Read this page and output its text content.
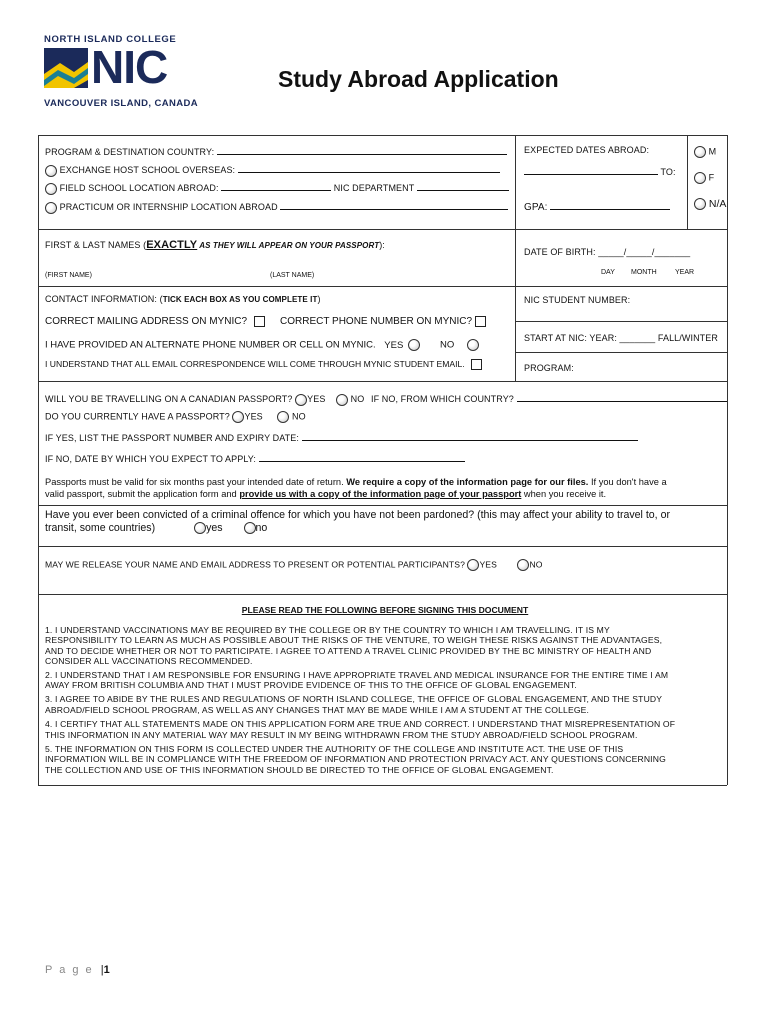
NORTH ISLAND COLLEGE
NIC
VANCOUVER ISLAND, CANADA
Study Abroad Application
PROGRAM & DESTINATION COUNTRY:
EXCHANGE HOST SCHOOL OVERSEAS:
FIELD SCHOOL LOCATION ABROAD:	NIC DEPARTMENT
PRACTICUM OR INTERNSHIP LOCATION ABROAD
EXPECTED DATES ABROAD:
TO:
GPA:
M
F
N/A
FIRST & LAST NAMES (EXACTLY AS THEY WILL APPEAR ON YOUR PASSPORT):
(FIRST NAME)	(LAST NAME)
DATE OF BIRTH: _____/_____/_______
DAY MONTH	YEAR
CONTACT INFORMATION: (TICK EACH BOX AS YOU COMPLETE IT)
CORRECT MAILING ADDRESS ON MYNIC?	CORRECT PHONE NUMBER ON MYNIC?
I HAVE PROVIDED AN ALTERNATE PHONE NUMBER OR CELL ON MYNIC. YES	NO
I UNDERSTAND THAT ALL EMAIL CORRESPONDENCE WILL COME THROUGH MYNIC STUDENT EMAIL.
NIC STUDENT NUMBER:
START AT NIC: YEAR: _______ FALL/WINTER
PROGRAM:
WILL YOU BE TRAVELLING ON A CANADIAN PASSPORT? YES	NO IF NO, FROM WHICH COUNTRY?
DO YOU CURRENTLY HAVE A PASSPORT? YES	NO
IF YES, LIST THE PASSPORT NUMBER AND EXPIRY DATE:
IF NO, DATE BY WHICH YOU EXPECT TO APPLY:
Passports must be valid for six months past your intended date of return. We require a copy of the information page for our files. If you don't have a
valid passport, submit the application form and provide us with a copy of the information page of your passport when you receive it.
Have you ever been convicted of a criminal offence for which you have not been pardoned? (this may affect your ability to travel to, or
transit, some countries)	yes	no
MAY WE RELEASE YOUR NAME AND EMAIL ADDRESS TO PRESENT OR POTENTIAL PARTICIPANTS? YES	NO
PLEASE READ THE FOLLOWING BEFORE SIGNING THIS DOCUMENT
1. I UNDERSTAND VACCINATIONS MAY BE REQUIRED BY THE COLLEGE OR BY THE COUNTRY TO WHICH I AM TRAVELLING. IT IS MY
RESPONSIBILITY TO LEARN AS MUCH AS POSSIBLE ABOUT THE RISKS OF THE VENTURE, TO WEIGH THESE RISKS AGAINST THE ADVANTAGES,
AND TO DECIDE WHETHER OR NOT TO PARTICIPATE. I AGREE TO ATTEND A TRAVEL CLINIC PROVIDED BY THE BC MINISTRY OF HEALTH AND
CONSIDER ALL VACCINATIONS RECOMMENDED.
2. I UNDERSTAND THAT I AM RESPONSIBLE FOR ENSURING I HAVE APPROPRIATE TRAVEL AND MEDICAL INSURANCE FOR THE ENTIRE TIME I AM
AWAY FROM BRITISH COLUMBIA AND THAT I MUST PROVIDE EVIDENCE OF THIS TO THE OFFICE OF GLOBAL ENGAGEMENT.
3. I AGREE TO ABIDE BY THE RULES AND REGULATIONS OF NORTH ISLAND COLLEGE, THE OFFICE OF GLOBAL ENGAGEMENT, AND THE STUDY
ABROAD/FIELD SCHOOL PROGRAM, AS WELL AS ANY CHANGES THAT MAY BE MADE WHILE I AM A STUDENT AT THE COLLEGE.
4. I CERTIFY THAT ALL STATEMENTS MADE ON THIS APPLICATION FORM ARE TRUE AND CORRECT. I UNDERSTAND THAT MISREPRESENTATION OF
THIS INFORMATION IN ANY MATERIAL WAY MAY RESULT IN MY BEING WITHDRAWN FROM THE STUDY ABROAD/FIELD SCHOOL PROGRAM.
5. THE INFORMATION ON THIS FORM IS COLLECTED UNDER THE AUTHORITY OF THE COLLEGE AND INSTITUTE ACT. THE USE OF THIS
INFORMATION WILL BE IN COMPLIANCE WITH THE FREEDOM OF INFORMATION AND PROTECTION PRIVACY ACT. ANY QUESTIONS CONCERNING
THE COLLECTION AND USE OF THIS INFORMATION SHOULD BE DIRECTED TO THE OFFICE OF GLOBAL ENGAGEMENT.
P a g e |1
